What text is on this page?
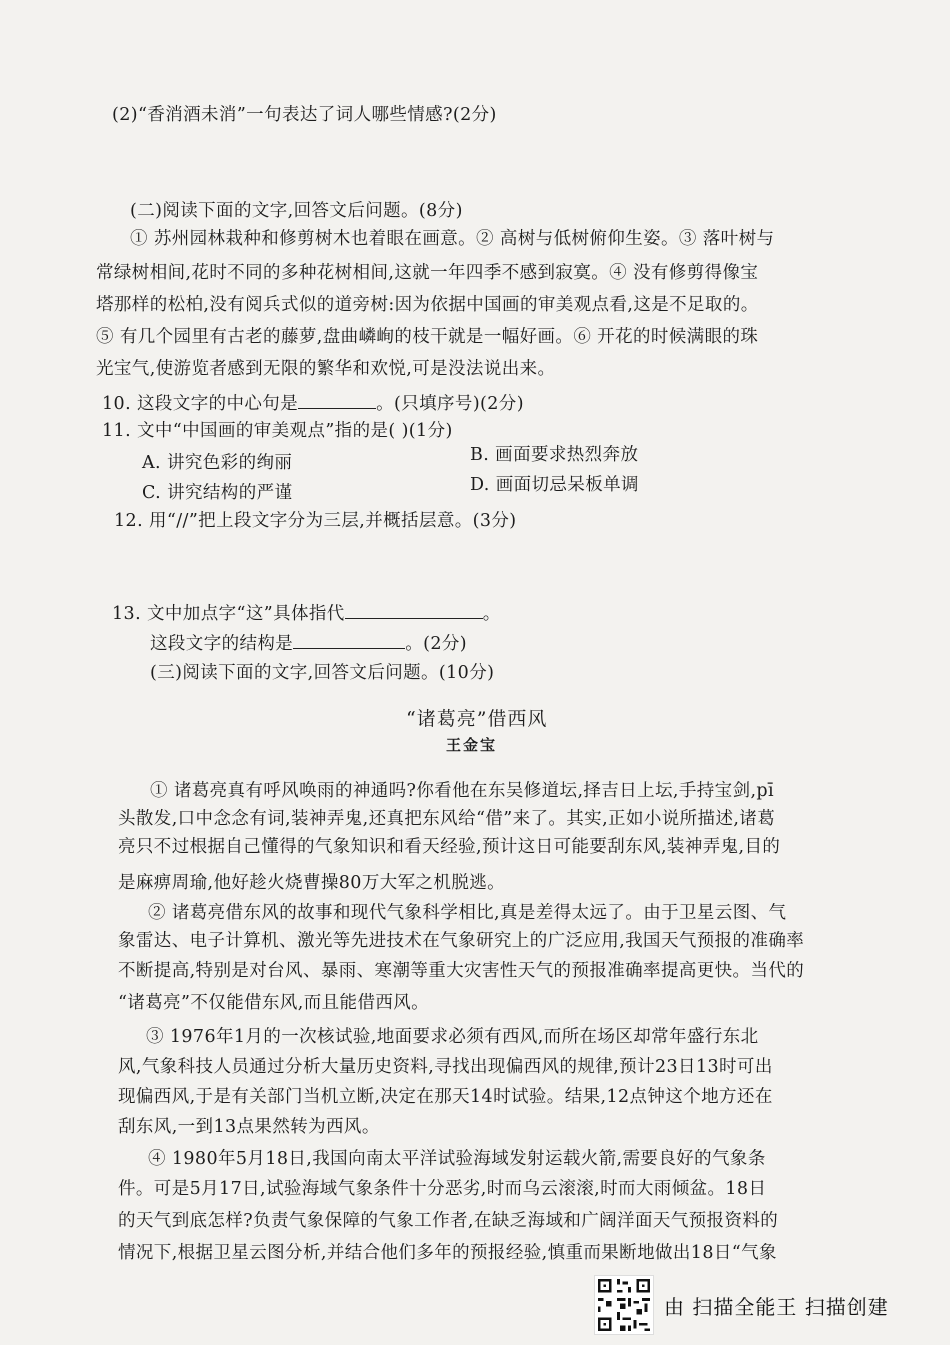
(2)“香消酒未消”一句表达了词人哪些情感?(2分)
(二)阅读下面的文字,回答文后问题。(8分)
① 苏州园林栽种和修剪树木也着眼在画意。② 高树与低树俯仰生姿。③ 落叶树与
常绿树相间,花时不同的多种花树相间,这就一年四季不感到寂寞。④ 没有修剪得像宝
塔那样的松柏,没有阅兵式似的道旁树:因为依据中国画的审美观点看,这是不足取的。
⑤ 有几个园里有古老的藤萝,盘曲嶙峋的枝干就是一幅好画。⑥ 开花的时候满眼的珠
光宝气,使游览者感到无限的繁华和欢悦,可是没法说出来。
10. 这段文字的中心句是	。(只填序号)(2分)
11. 文中“中国画的审美观点”指的是( )(1分)
A. 讲究色彩的绚丽	B. 画面要求热烈奔放
C. 讲究结构的严谨	D. 画面切忌呆板单调
12. 用“//”把上段文字分为三层,并概括层意。(3分)
13. 文中加点字“这”具体指代	。
这段文字的结构是	。(2分)
(三)阅读下面的文字,回答文后问题。(10分)
“诸葛亮”借西风
王金宝
① 诸葛亮真有呼风唤雨的神通吗?你看他在东吴修道坛,择吉日上坛,手持宝剑,pī
头散发,口中念念有词,装神弄鬼,还真把东风给“借”来了。其实,正如小说所描述,诸葛
亮只不过根据自己懂得的气象知识和看天经验,预计这日可能要刮东风,装神弄鬼,目的
是麻痹周瑜,他好趁火烧曹操80万大军之机脱逃。
② 诸葛亮借东风的故事和现代气象科学相比,真是差得太远了。由于卫星云图、气
象雷达、电子计算机、激光等先进技术在气象研究上的广泛应用,我国天气预报的准确率
不断提高,特别是对台风、暴雨、寒潮等重大灾害性天气的预报准确率提高更快。当代的
“诸葛亮”不仅能借东风,而且能借西风。
③ 1976年1月的一次核试验,地面要求必须有西风,而所在场区却常年盛行东北
风,气象科技人员通过分析大量历史资料,寻找出现偏西风的规律,预计23日13时可出
现偏西风,于是有关部门当机立断,决定在那天14时试验。结果,12点钟这个地方还在
刮东风,一到13点果然转为西风。
④ 1980年5月18日,我国向南太平洋试验海域发射运载火箭,需要良好的气象条
件。可是5月17日,试验海域气象条件十分恶劣,时而乌云滚滚,时而大雨倾盆。18日
的天气到底怎样?负责气象保障的气象工作者,在缺乏海域和广阔洋面天气预报资料的
情况下,根据卫星云图分析,并结合他们多年的预报经验,慎重而果断地做出18日“气象
由 扫描全能王 扫描创建
